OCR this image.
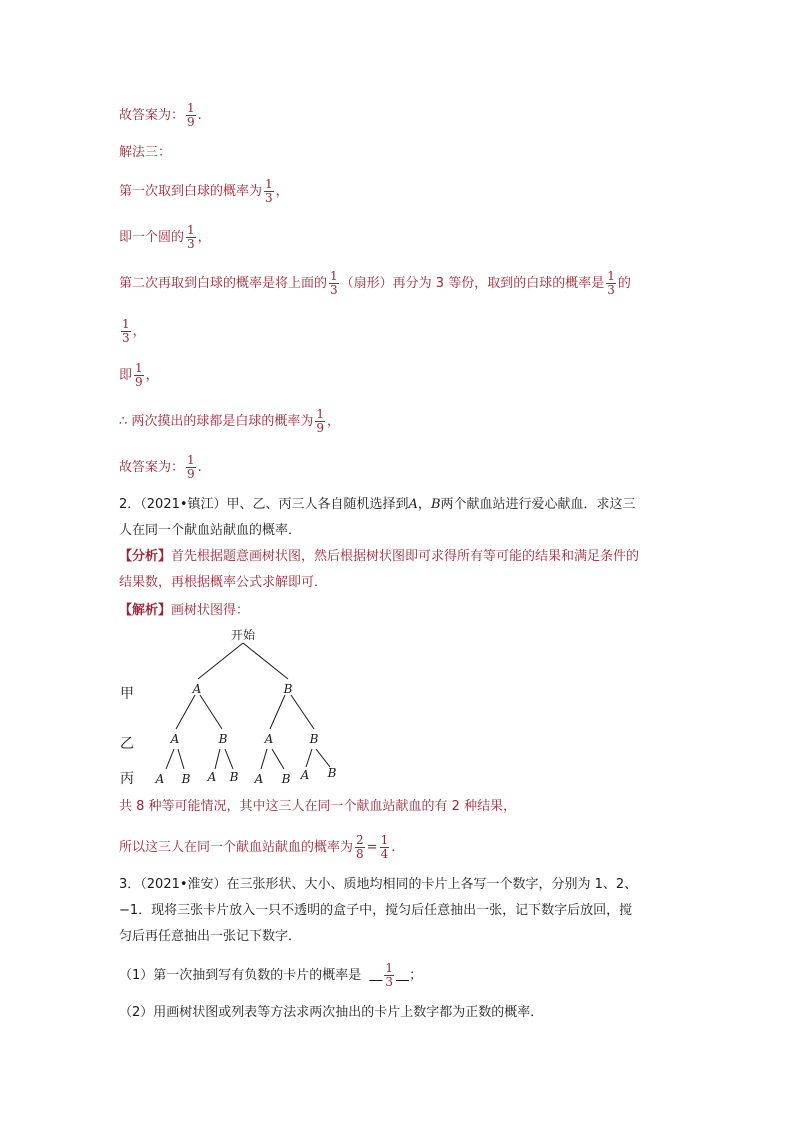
故答案为： $\frac{1}{9}$ .
解法三：
第一次取到白球的概率为 $\frac{1}{3}$ ，
即一个圆的 $\frac{1}{3}$ ，
第二次再取到白球的概率是将上面的 $\frac{1}{3}$ （扇形）再分为 3 等份，取到的白球的概率是 $\frac{1}{3}$ 的
$\frac{1}{3}$ ，
即 $\frac{1}{9}$ ，
∴ 两次摸出的球都是白球的概率为 $\frac{1}{9}$ ，
故答案为： $\frac{1}{9}$ .
2．（2021•镇江）甲、乙、丙三人各自随机选择到A，B两个献血站进行爱心献血．求这三
人在同一个献血站献血的概率．
【分析】首先根据题意画树状图，然后根据树状图即可求得所有等可能的结果和满足条件的
结果数，再根据概率公式求解即可．
【解析】画树状图得：
开始
甲
乙
丙
A	B
A	B	A	B
A B A B A B A B
共 8 种等可能情况，其中这三人在同一个献血站献血的有 2 种结果，
所以这三人在同一个献血站献血的概率为 $\frac{2}{8} = \frac{1}{4}$ .
3．（2021•淮安）在三张形状、大小、质地均相同的卡片上各写一个数字，分别为 1、2、
−1．现将三张卡片放入一只不透明的盒子中，搅匀后任意抽出一张，记下数字后放回，搅
匀后再任意抽出一张记下数字．
（1）第一次抽到写有负数的卡片的概率是   $\frac{1}{3}$
  ；
（2）用画树状图或列表等方法求两次抽出的卡片上数字都为正数的概率．
